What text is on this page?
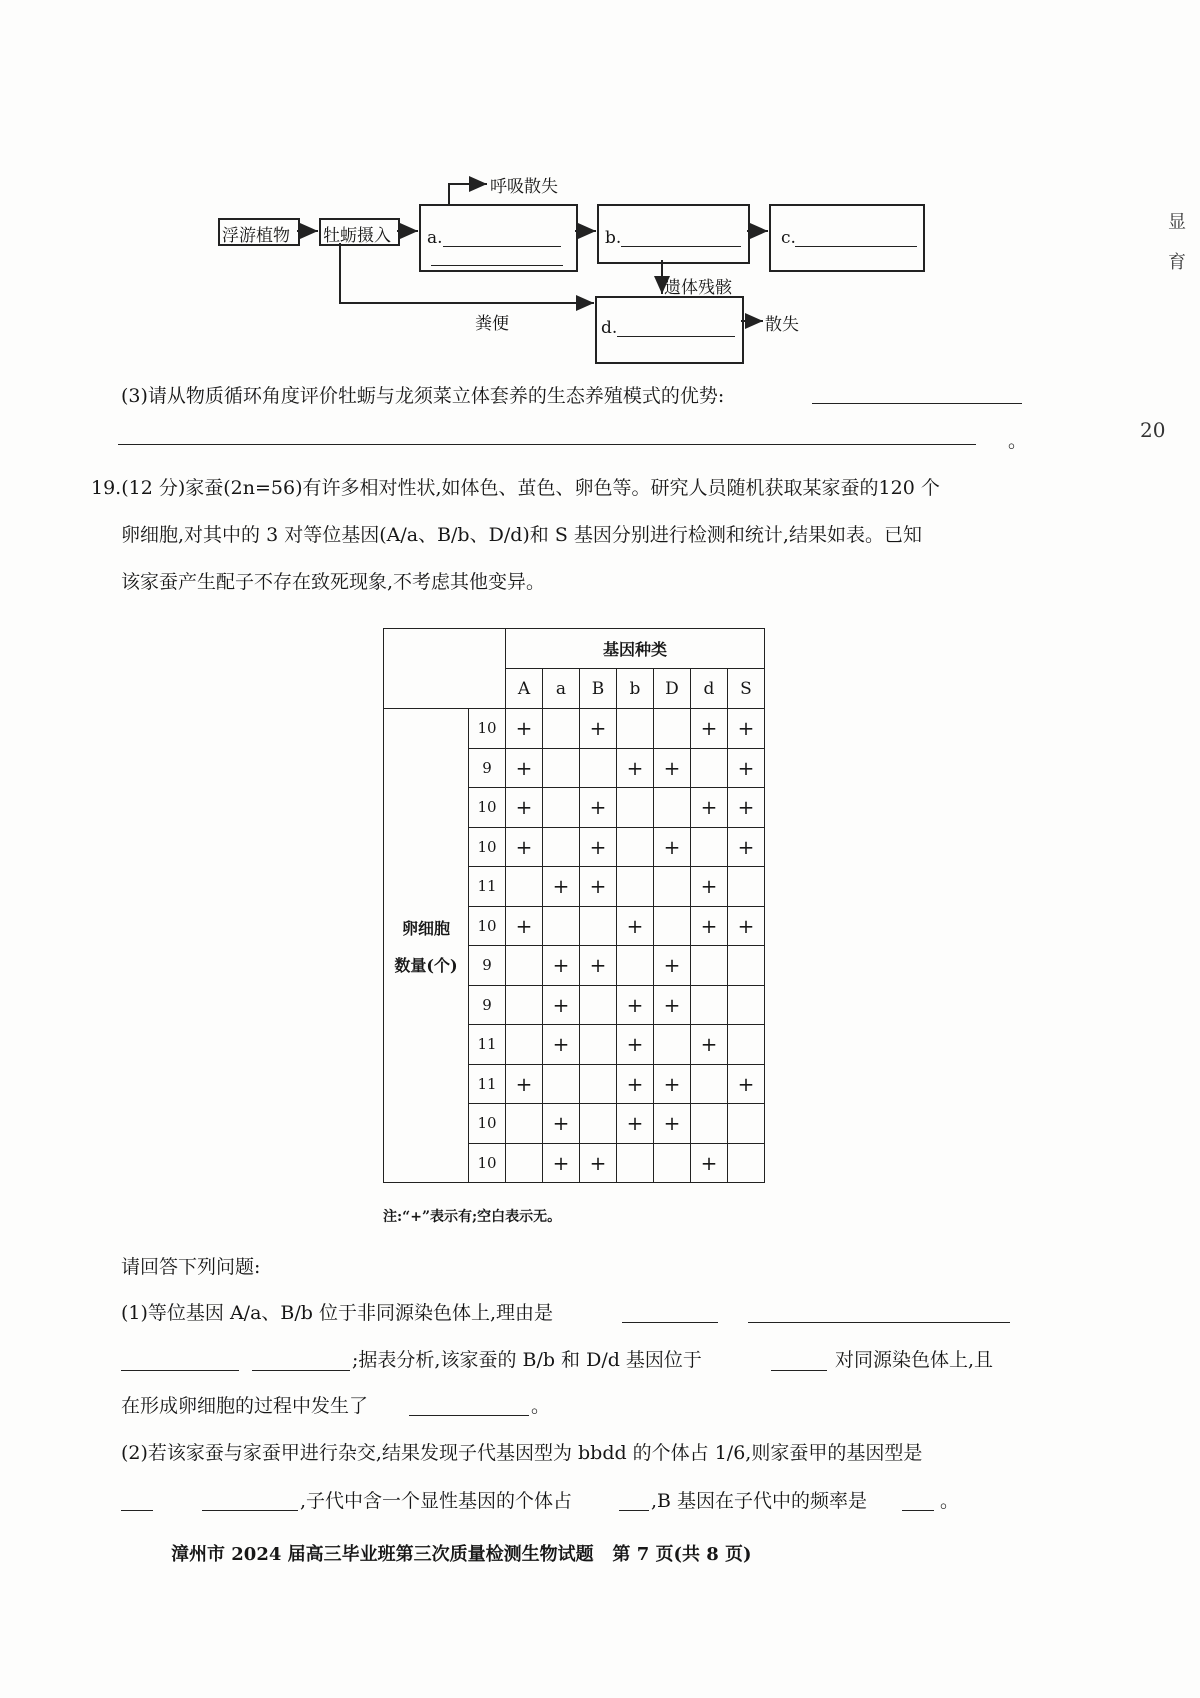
浮游植物 牡蛎摄入
呼吸散失
a.	b.	c.
遗体残骸
粪便	d.	散失
(3)请从物质循环角度评价牡蛎与龙须菜立体套养的生态养殖模式的优势:
。
19.(12 分)家蚕(2n=56)有许多相对性状,如体色、茧色、卵色等。研究人员随机获取某家蚕的120 个
卵细胞,对其中的 3 对等位基因(A/a、B/b、D/d)和 S 基因分别进行检测和统计,结果如表。已知
该家蚕产生配子不存在致死现象,不考虑其他变异。
		基因种类						
		A	a	B	b	D	d	S

卵细胞
数量(个)	10	+		+			+	+
	9	+			+	+		+
	10	+		+			+	+
	10	+		+		+		+
	11		+	+			+	
	10	+			+		+	+
	9		+	+		+		
	9		+		+	+		
	11		+		+		+	
	11	+			+	+		+
	10		+		+	+		
	10		+	+			+	
注:“+”表示有;空白表示无。
请回答下列问题:
(1)等位基因 A/a、B/b 位于非同源染色体上,理由是
;据表分析,该家蚕的 B/b 和 D/d 基因位于	对同源染色体上,且
在形成卵细胞的过程中发生了	。
(2)若该家蚕与家蚕甲进行杂交,结果发现子代基因型为 bbdd 的个体占 1/6,则家蚕甲的基因型是
,子代中含一个显性基因的个体占	,B 基因在子代中的频率是	。
漳州市 2024 届高三毕业班第三次质量检测生物试题   第 7 页(共 8 页)
显
育
20
